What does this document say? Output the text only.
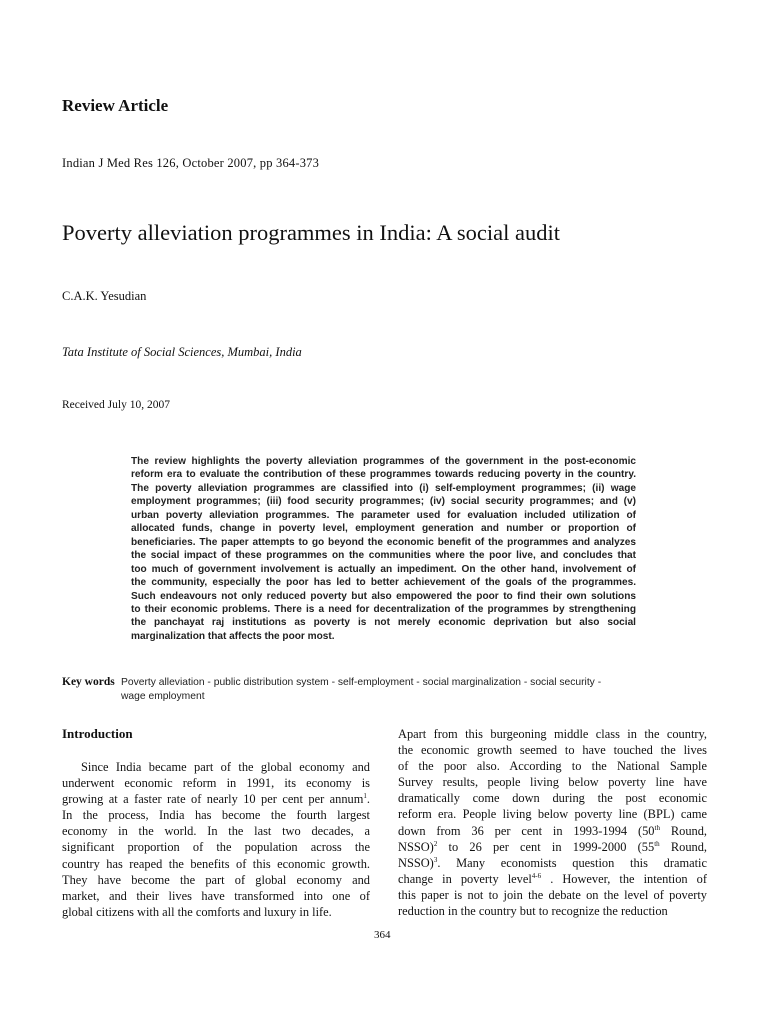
Review Article
Indian J Med Res 126, October 2007, pp 364-373
Poverty alleviation programmes in India: A social audit
C.A.K. Yesudian
Tata Institute of Social Sciences, Mumbai, India
Received July 10, 2007
The review highlights the poverty alleviation programmes of the government in the post-economic
reform era to evaluate the contribution of these programmes towards reducing poverty in the country.
The poverty alleviation programmes are classified into (i) self-employment programmes; (ii) wage
employment programmes; (iii) food security programmes; (iv) social security programmes; and (v)
urban poverty alleviation programmes. The parameter used for evaluation included utilization of
allocated funds, change in poverty level, employment generation and number or proportion of
beneficiaries. The paper attempts to go beyond the economic benefit of the programmes and analyzes
the social impact of these programmes on the communities where the poor live, and concludes that
too much of government involvement is actually an impediment. On the other hand, involvement of
the community, especially the poor has led to better achievement of the goals of the programmes.
Such endeavours not only reduced poverty but also empowered the poor to find their own solutions
to their economic problems. There is a need for decentralization of the programmes by strengthening
the panchayat raj institutions as poverty is not merely economic deprivation but also social
marginalization that affects the poor most.
Key words Poverty alleviation - public distribution system - self-employment - social marginalization - social security -
wage employment
Introduction
Since India became part of the global economy and
underwent economic reform in 1991, its economy is
growing at a faster rate of nearly 10 per cent per annum$^1$.
In the process, India has become the fourth largest
economy in the world. In the last two decades, a
significant proportion of the population across the
country has reaped the benefits of this economic growth.
They have become the part of global economy and
market, and their lives have transformed into one of
global citizens with all the comforts and luxury in life.
Apart from this burgeoning middle class in the country,
the economic growth seemed to have touched the lives
of the poor also. According to the National Sample
Survey results, people living below poverty line have
dramatically come down during the post economic
reform era. People living below poverty line (BPL) came
down from 36 per cent in 1993-1994 (50th Round,
NSSO)$^2$ to 26 per cent in 1999-2000 (55th Round,
NSSO)$^3$. Many economists question this dramatic
change in poverty level$^{4-6}$ . However, the intention of
this paper is not to join the debate on the level of poverty
reduction in the country but to recognize the reduction
364
